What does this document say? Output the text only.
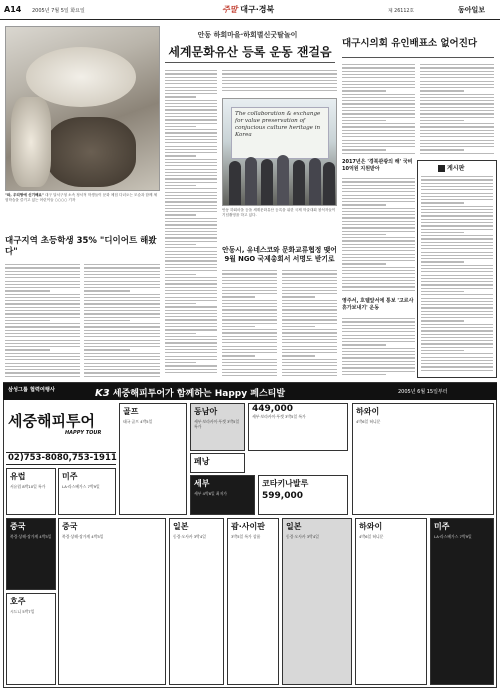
A14 2005년 7월 5일 화요일	주말 대구·경북	제 26112호	동아일보
"와, 우리땅에 신기해요" 대구 달서구청 소속 정서적 학생들이 문화 체험 다녀오는 모습과 함께 체험학습을 즐기고 있는 어린이들 ○○○○ 기자
대구지역 초등학생 35% "디이어트 해봤다"
안동 하회마을·하회별신굿탈놀이
세계문화유산 등록 운동 잰걸음
The collaboration & exchange for value preservation of conjucious culture heritage in Korea
안동 하회마을 등을 세계문화유산 등록을 위한 국제 학술대회 참석자들이 기념촬영을 하고 있다.
안동시, 유네스코와 문화교류협정 맺어 9월 NGO 국제총회서 서명도 받기로
대구시의회 유인배표소 없어진다
2017년은 '경북관광의 해' 국비 10억원 지원받아
영주서, 호텔앞서에 통보 '고르사 휴가보내기' 운동
게시판
삼성그룹 협력여행사	K3 세중해피투어가 함께하는 Happy 페스티발	2005년 6월 15일부터
세중해피투어
HAPPY TOUR
02)753-8080,753-1911
동남아
세부·보라카이·푸켓 3박5일 특가
449,000
세부·보라카이·푸켓 3박5일 특가
페낭
세부
세부 4박6일 최저가
코타키나발루
599,000
하와이
4박6일 허니문
유럽
서유럽 8박10일 특가
미주
LA·라스베가스 7박9일
골프
태국 골프 4박5일
중국
북경·상해·장가계 4박5일
호주
시드니 5박7일
중국
북경·상해·장가계 4박5일
일본
동경·오사카 3박4일
괌·사이판
3박5일 특가 상품
일본
동경·오사카 3박4일
하와이
4박6일 허니문
미주
LA·라스베가스 7박9일
